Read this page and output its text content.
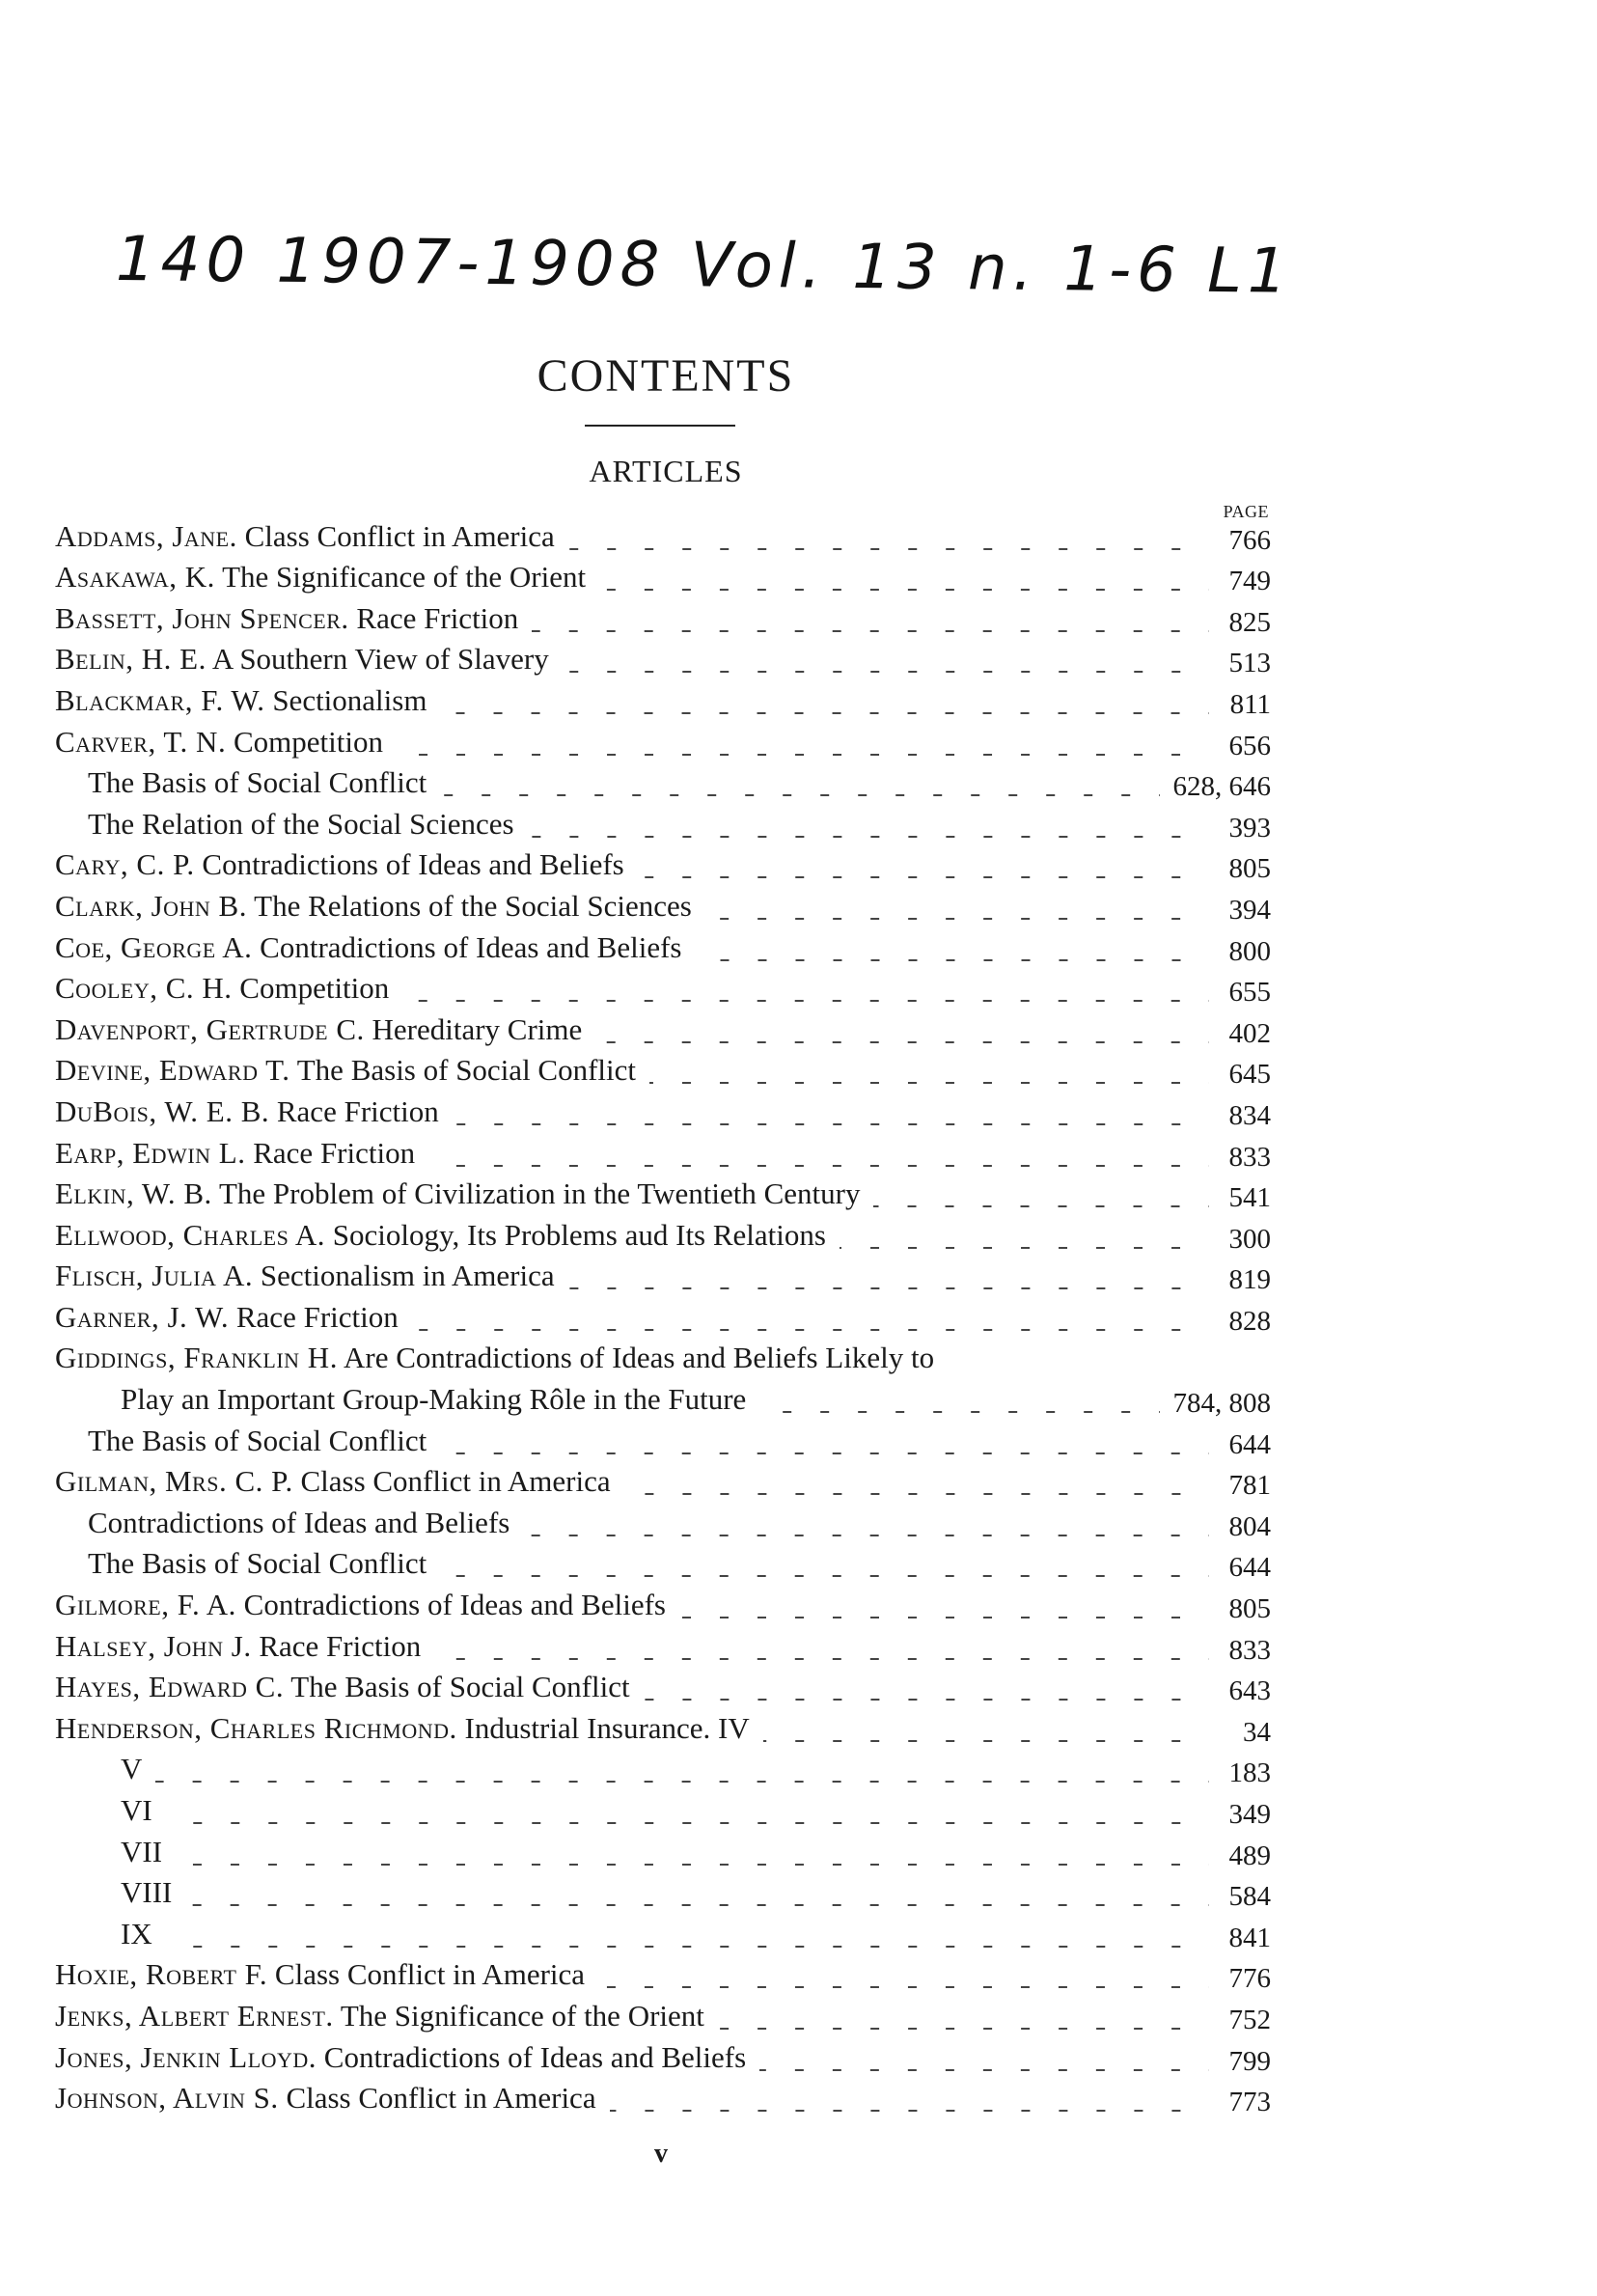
140 1907-1908 Vol. 13 n. 1-6 L1
CONTENTS
ARTICLES
PAGE
Addams, Jane. Class Conflict in America	766
Asakawa, K. The Significance of the Orient	749
Bassett, John Spencer. Race Friction	825
Belin, H. E. A Southern View of Slavery	513
Blackmar, F. W. Sectionalism	811
Carver, T. N. Competition	656
The Basis of Social Conflict	628, 646
The Relation of the Social Sciences	393
Cary, C. P. Contradictions of Ideas and Beliefs	805
Clark, John B. The Relations of the Social Sciences	394
Coe, George A. Contradictions of Ideas and Beliefs	800
Cooley, C. H. Competition	655
Davenport, Gertrude C. Hereditary Crime	402
Devine, Edward T. The Basis of Social Conflict	645
DuBois, W. E. B. Race Friction	834
Earp, Edwin L. Race Friction	833
Elkin, W. B. The Problem of Civilization in the Twentieth Century	541
Ellwood, Charles A. Sociology, Its Problems aud Its Relations	300
Flisch, Julia A. Sectionalism in America	819
Garner, J. W. Race Friction	828
Giddings, Franklin H. Are Contradictions of Ideas and Beliefs Likely to
Play an Important Group-Making Rôle in the Future	784, 808
The Basis of Social Conflict	644
Gilman, Mrs. C. P. Class Conflict in America	781
Contradictions of Ideas and Beliefs	804
The Basis of Social Conflict	644
Gilmore, F. A. Contradictions of Ideas and Beliefs	805
Halsey, John J. Race Friction	833
Hayes, Edward C. The Basis of Social Conflict	643
Henderson, Charles Richmond. Industrial Insurance. IV	34
V	183
VI	349
VII	489
VIII	584
IX	841
Hoxie, Robert F. Class Conflict in America	776
Jenks, Albert Ernest. The Significance of the Orient	752
Jones, Jenkin Lloyd. Contradictions of Ideas and Beliefs	799
Johnson, Alvin S. Class Conflict in America	773
v
